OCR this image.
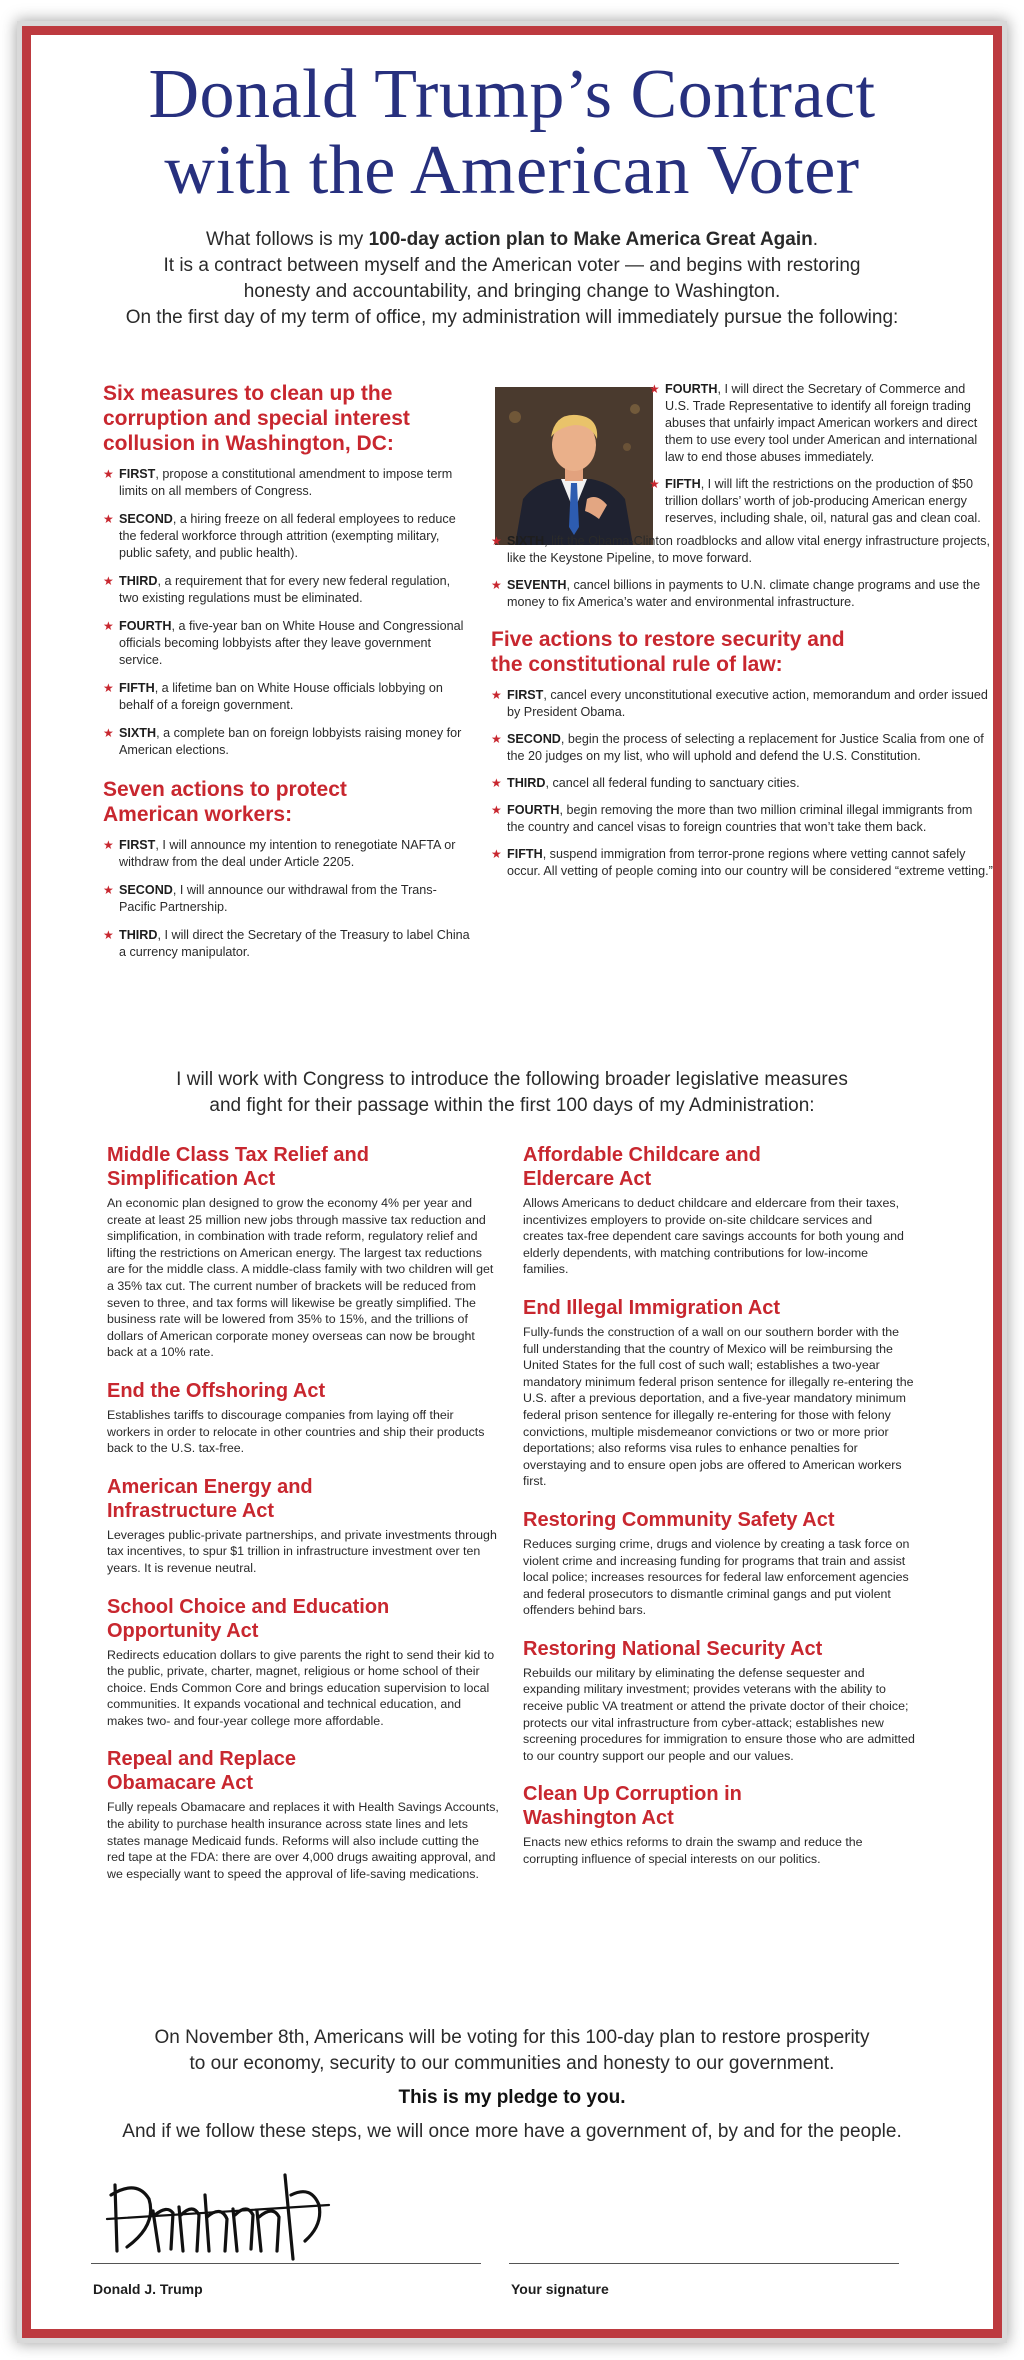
Donald Trump’s Contract
with the American Voter
What follows is my 100-day action plan to Make America Great Again.
It is a contract between myself and the American voter — and begins with restoring
honesty and accountability, and bringing change to Washington.
On the first day of my term of office, my administration will immediately pursue the following:
Six measures to clean up the corruption and special interest collusion in Washington, DC:
★ FIRST, propose a constitutional amendment to impose term limits on all members of Congress.
★ SECOND, a hiring freeze on all federal employees to reduce the federal workforce through attrition (exempting military, public safety, and public health).
★ THIRD, a requirement that for every new federal regulation, two existing regulations must be eliminated.
★ FOURTH, a five-year ban on White House and Congressional officials becoming lobbyists after they leave government service.
★ FIFTH, a lifetime ban on White House officials lobbying on behalf of a foreign government.
★ SIXTH, a complete ban on foreign lobbyists raising money for American elections.
Seven actions to protect American workers:
★ FIRST, I will announce my intention to renegotiate NAFTA or withdraw from the deal under Article 2205.
★ SECOND, I will announce our withdrawal from the Trans-Pacific Partnership.
★ THIRD, I will direct the Secretary of the Treasury to label China a currency manipulator.
★ FOURTH, I will direct the Secretary of Commerce and U.S. Trade Representative to identify all foreign trading abuses that unfairly impact American workers and direct them to use every tool under American and international law to end those abuses immediately.
★ FIFTH, I will lift the restrictions on the production of $50 trillion dollars’ worth of job-producing American energy reserves, including shale, oil, natural gas and clean coal.
★ SIXTH, lift the Obama-Clinton roadblocks and allow vital energy infrastructure projects, like the Keystone Pipeline, to move forward.
★ SEVENTH, cancel billions in payments to U.N. climate change programs and use the money to fix America’s water and environmental infrastructure.
Five actions to restore security and the constitutional rule of law:
★ FIRST, cancel every unconstitutional executive action, memorandum and order issued by President Obama.
★ SECOND, begin the process of selecting a replacement for Justice Scalia from one of the 20 judges on my list, who will uphold and defend the U.S. Constitution.
★ THIRD, cancel all federal funding to sanctuary cities.
★ FOURTH, begin removing the more than two million criminal illegal immigrants from the country and cancel visas to foreign countries that won’t take them back.
★ FIFTH, suspend immigration from terror-prone regions where vetting cannot safely occur. All vetting of people coming into our country will be considered “extreme vetting.”
I will work with Congress to introduce the following broader legislative measures
and fight for their passage within the first 100 days of my Administration:
Middle Class Tax Relief and Simplification Act
An economic plan designed to grow the economy 4% per year and create at least 25 million new jobs through massive tax reduction and simplification, in combination with trade reform, regulatory relief and lifting the restrictions on American energy. The largest tax reductions are for the middle class. A middle-class family with two children will get a 35% tax cut. The current number of brackets will be reduced from seven to three, and tax forms will likewise be greatly simplified. The business rate will be lowered from 35% to 15%, and the trillions of dollars of American corporate money overseas can now be brought back at a 10% rate.
End the Offshoring Act
Establishes tariffs to discourage companies from laying off their workers in order to relocate in other countries and ship their products back to the U.S. tax-free.
American Energy and Infrastructure Act
Leverages public-private partnerships, and private investments through tax incentives, to spur $1 trillion in infrastructure investment over ten years. It is revenue neutral.
School Choice and Education Opportunity Act
Redirects education dollars to give parents the right to send their kid to the public, private, charter, magnet, religious or home school of their choice. Ends Common Core and brings education supervision to local communities. It expands vocational and technical education, and makes two- and four-year college more affordable.
Repeal and Replace Obamacare Act
Fully repeals Obamacare and replaces it with Health Savings Accounts, the ability to purchase health insurance across state lines and lets states manage Medicaid funds. Reforms will also include cutting the red tape at the FDA: there are over 4,000 drugs awaiting approval, and we especially want to speed the approval of life-saving medications.
Affordable Childcare and Eldercare Act
Allows Americans to deduct childcare and eldercare from their taxes, incentivizes employers to provide on-site childcare services and creates tax-free dependent care savings accounts for both young and elderly dependents, with matching contributions for low-income families.
End Illegal Immigration Act
Fully-funds the construction of a wall on our southern border with the full understanding that the country of Mexico will be reimbursing the United States for the full cost of such wall; establishes a two-year mandatory minimum federal prison sentence for illegally re-entering the U.S. after a previous deportation, and a five-year mandatory minimum federal prison sentence for illegally re-entering for those with felony convictions, multiple misdemeanor convictions or two or more prior deportations; also reforms visa rules to enhance penalties for overstaying and to ensure open jobs are offered to American workers first.
Restoring Community Safety Act
Reduces surging crime, drugs and violence by creating a task force on violent crime and increasing funding for programs that train and assist local police; increases resources for federal law enforcement agencies and federal prosecutors to dismantle criminal gangs and put violent offenders behind bars.
Restoring National Security Act
Rebuilds our military by eliminating the defense sequester and expanding military investment; provides veterans with the ability to receive public VA treatment or attend the private doctor of their choice; protects our vital infrastructure from cyber-attack; establishes new screening procedures for immigration to ensure those who are admitted to our country support our people and our values.
Clean Up Corruption in Washington Act
Enacts new ethics reforms to drain the swamp and reduce the corrupting influence of special interests on our politics.
On November 8th, Americans will be voting for this 100-day plan to restore prosperity
to our economy, security to our communities and honesty to our government.
This is my pledge to you.
And if we follow these steps, we will once more have a government of, by and for the people.
Donald J. Trump	Your signature
